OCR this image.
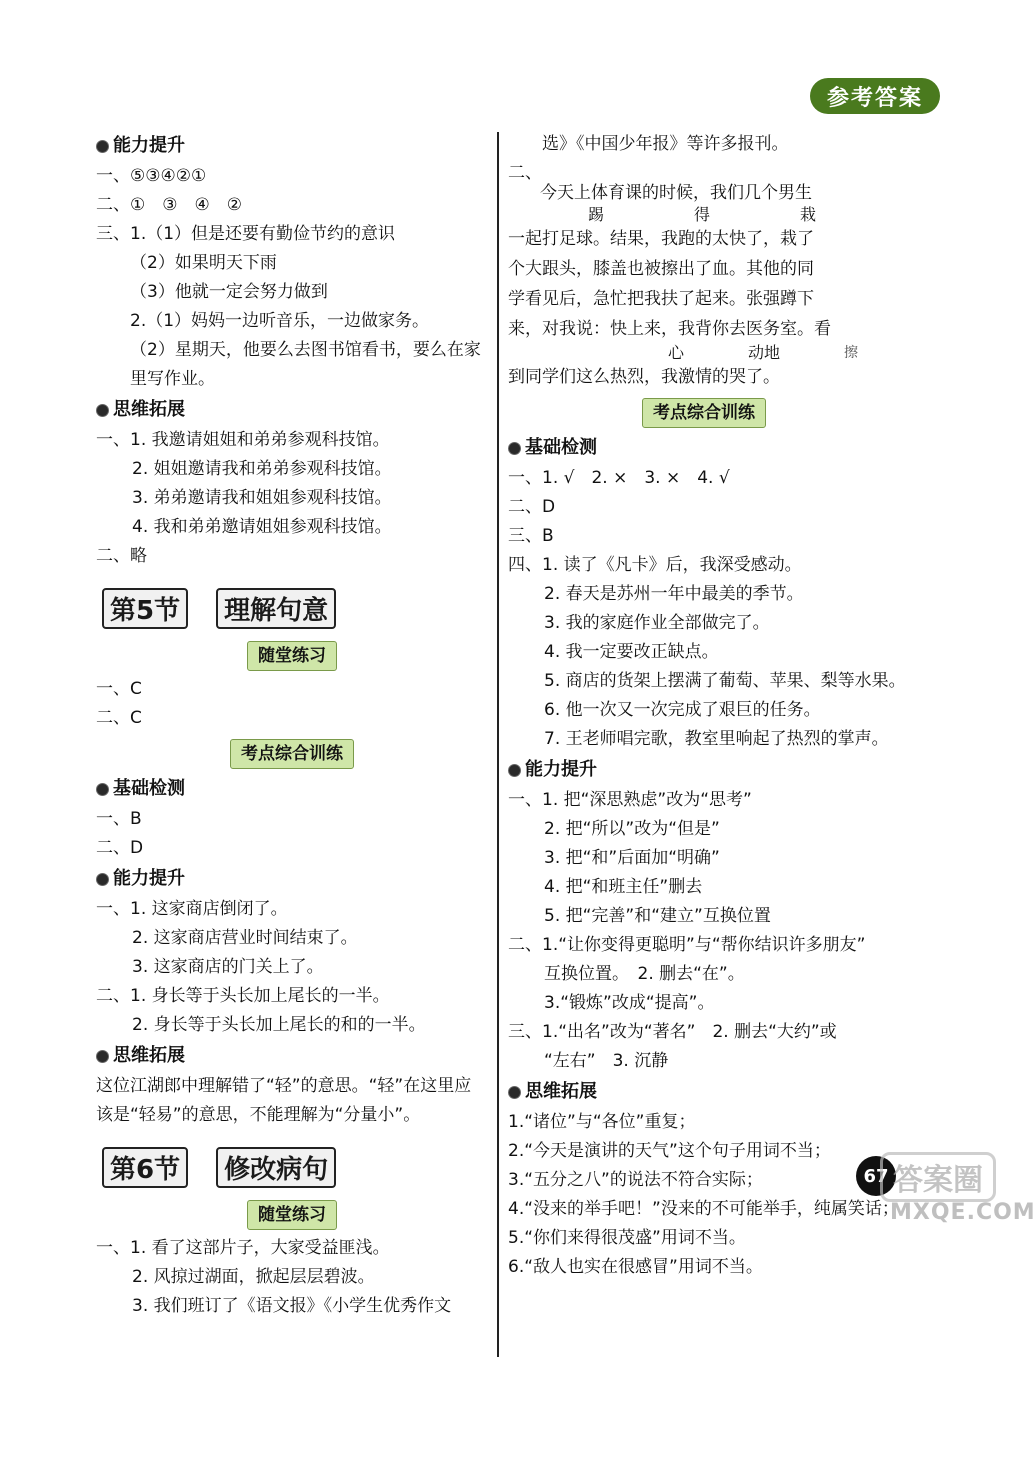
参考答案
能力提升
一、⑤③④②①
二、①　③　④　②
三、1.（1）但是还要有勤俭节约的意识
（2）如果明天下雨
（3）他就一定会努力做到
2.（1）妈妈一边听音乐，一边做家务。
（2）星期天，他要么去图书馆看书，要么在家
里写作业。
思维拓展
一、1. 我邀请姐姐和弟弟参观科技馆。
2. 姐姐邀请我和弟弟参观科技馆。
3. 弟弟邀请我和姐姐参观科技馆。
4. 我和弟弟邀请姐姐参观科技馆。
二、略
第5节	理解句意
随堂练习
一、C
二、C
考点综合训练
基础检测
一、B
二、D
能力提升
一、1. 这家商店倒闭了。
2. 这家商店营业时间结束了。
3. 这家商店的门关上了。
二、1. 身长等于头长加上尾长的一半。
2. 身长等于头长加上尾长的和的一半。
思维拓展
这位江湖郎中理解错了“轻”的意思。“轻”在这里应该是“轻易”的意思，不能理解为“分量小”。
第6节	修改病句
随堂练习
一、1. 看了这部片子，大家受益匪浅。
2. 风掠过湖面，掀起层层碧波。
3. 我们班订了《语文报》《小学生优秀作文
选》《中国少年报》等许多报刊。
二、
今天上体育课的时候，我们几个男生
踢	得	栽
一起打足球。结果，我跑的太快了，栽了
个大跟头，膝盖也被擦出了血。其他的同
学看见后，急忙把我扶了起来。张强蹲下
来，对我说：快上来，我背你去医务室。看
心	动地	擦
到同学们这么热烈，我激情的哭了。
考点综合训练
基础检测
一、1. √　2. ×　3. ×　4. √
二、D
三、B
四、1. 读了《凡卡》后，我深受感动。
2. 春天是苏州一年中最美的季节。
3. 我的家庭作业全部做完了。
4. 我一定要改正缺点。
5. 商店的货架上摆满了葡萄、苹果、梨等水果。
6. 他一次又一次完成了艰巨的任务。
7. 王老师唱完歌，教室里响起了热烈的掌声。
能力提升
一、1. 把“深思熟虑”改为“思考”
2. 把“所以”改为“但是”
3. 把“和”后面加“明确”
4. 把“和班主任”删去
5. 把“完善”和“建立”互换位置
二、1.“让你变得更聪明”与“帮你结识许多朋友”
互换位置。　2. 删去“在”。
3.“锻炼”改成“提高”。
三、1.“出名”改为“著名”　2. 删去“大约”或
“左右”　3. 沉静
思维拓展
1.“诸位”与“各位”重复；
2.“今天是演讲的天气”这个句子用词不当；
3.“五分之八”的说法不符合实际；
4.“没来的举手吧！”没来的不可能举手，纯属笑话；
5.“你们来得很茂盛”用词不当。
6.“敌人也实在很感冒”用词不当。
67 答案圈
MXQE.COM
